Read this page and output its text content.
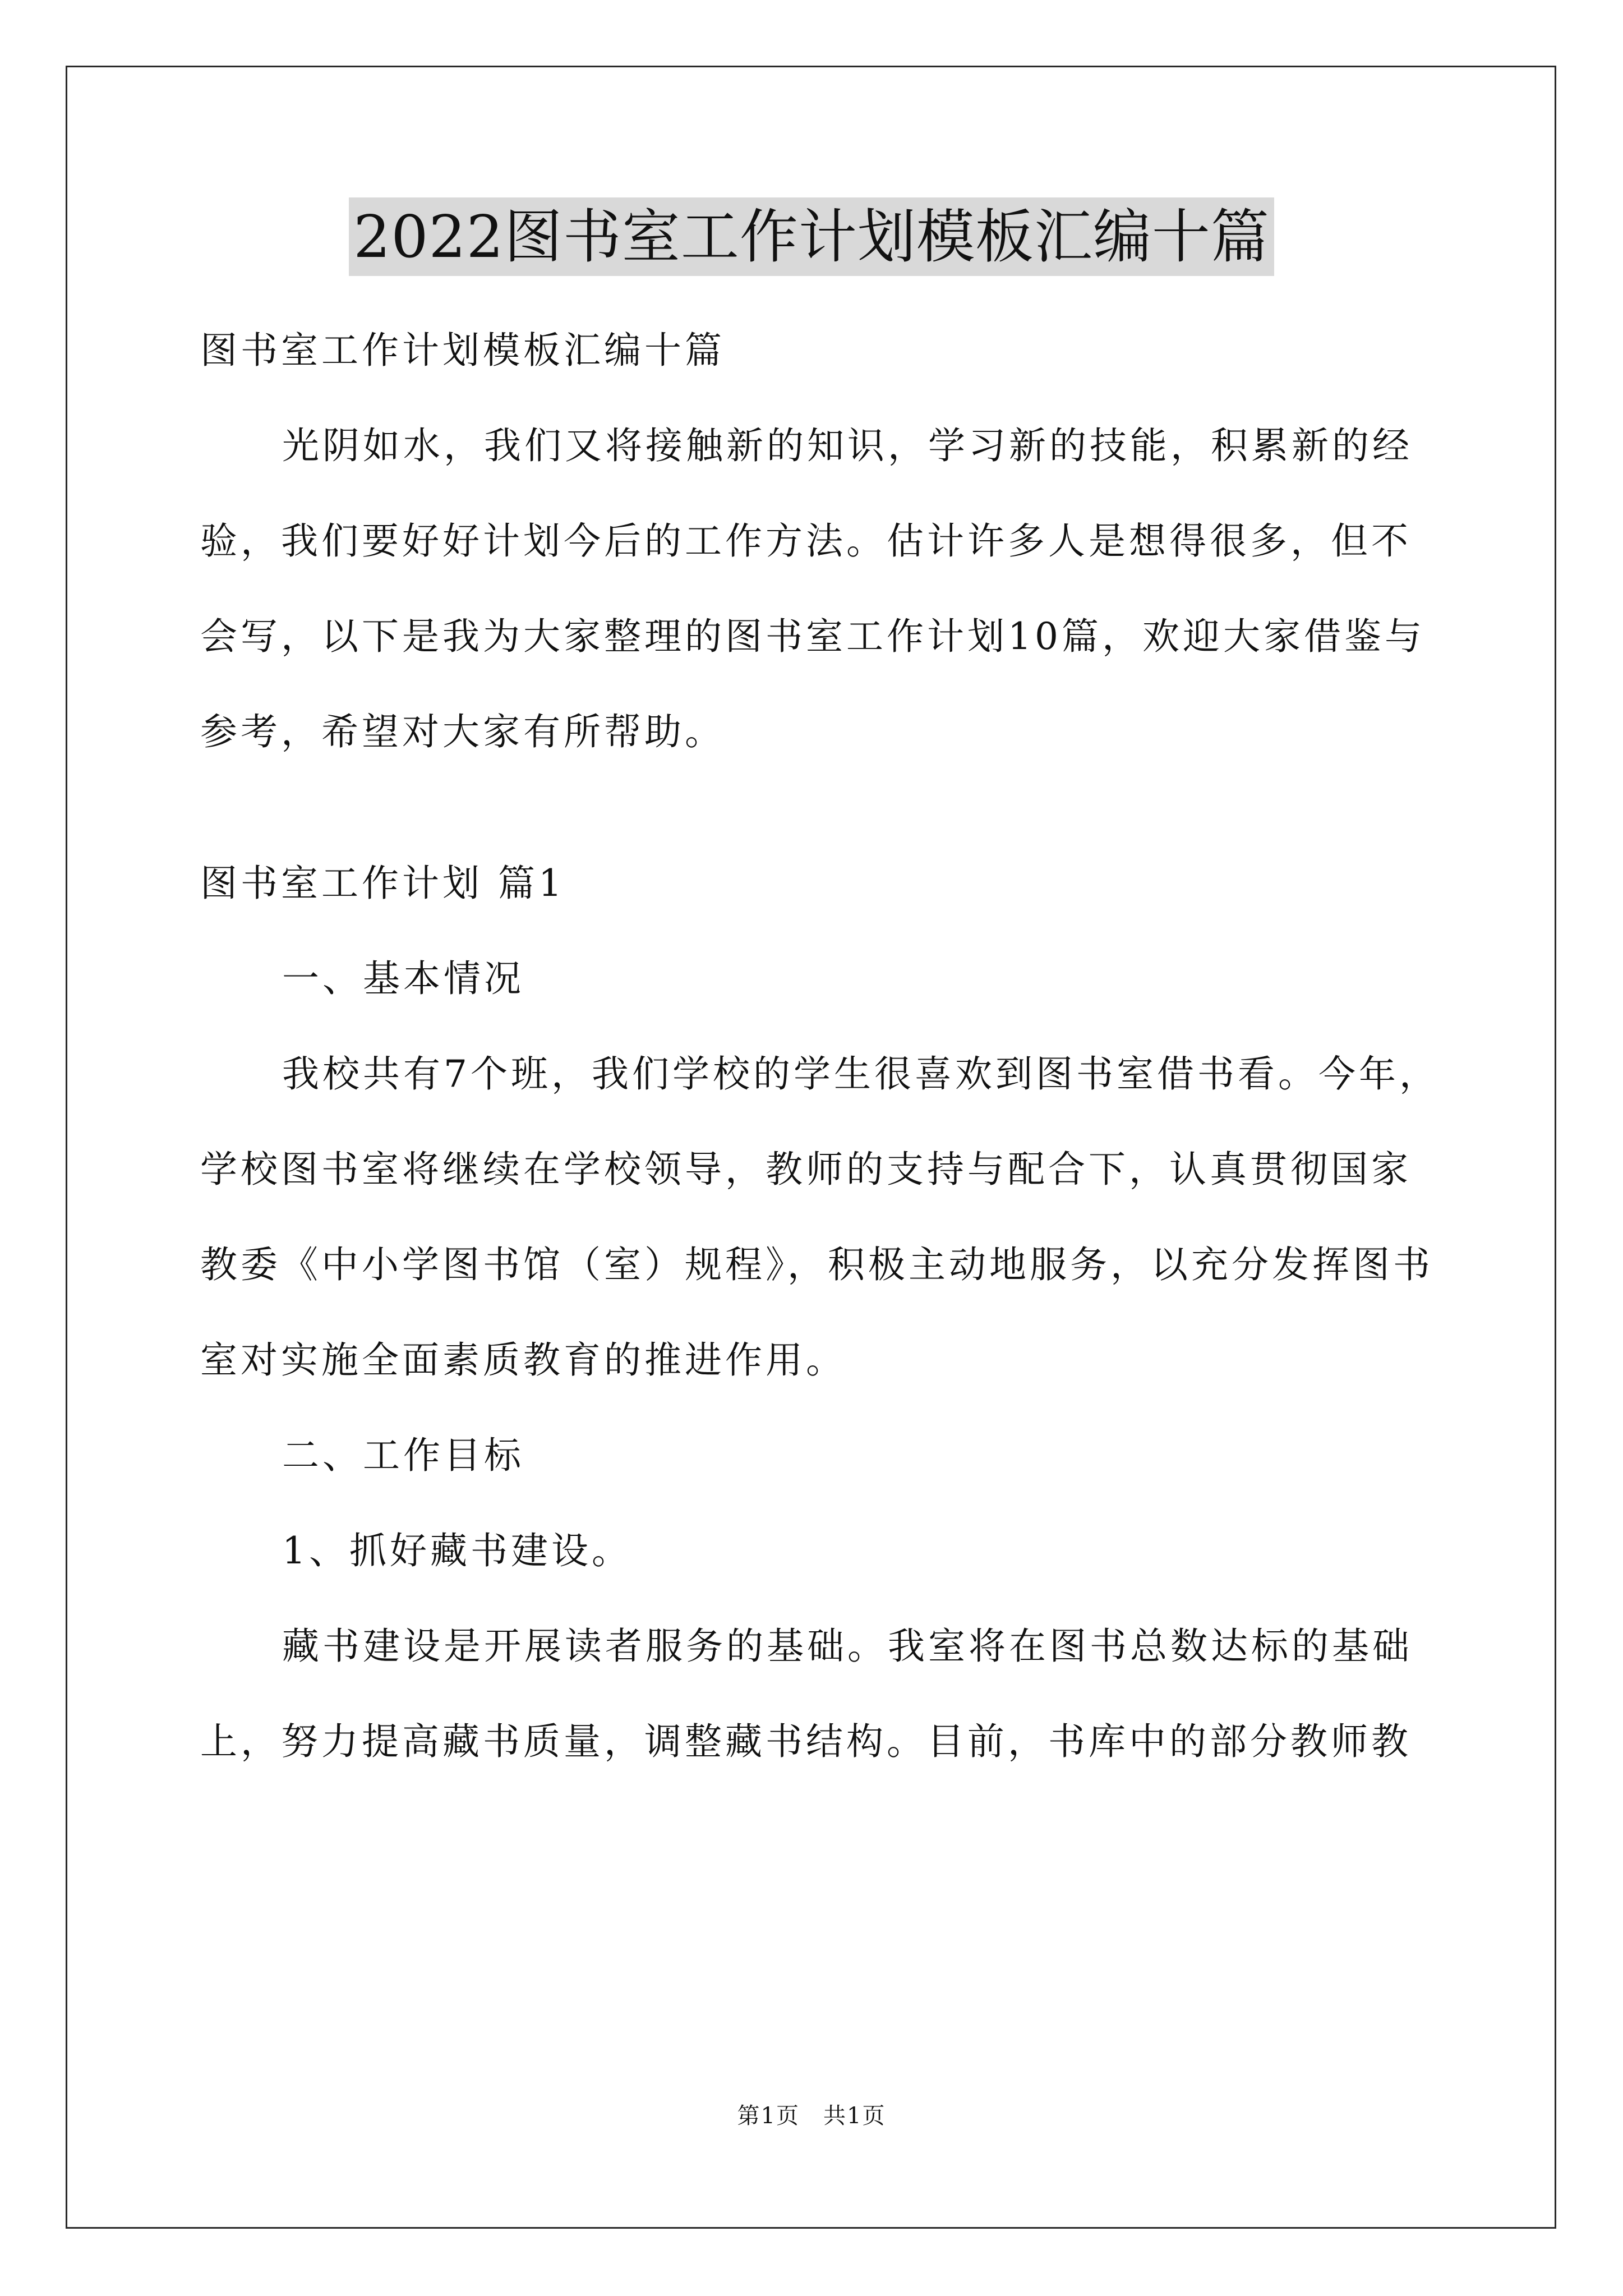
2022图书室工作计划模板汇编十篇
图书室工作计划模板汇编十篇
光阴如水，我们又将接触新的知识，学习新的技能，积累新的经
验，我们要好好计划今后的工作方法。估计许多人是想得很多，但不
会写，以下是我为大家整理的图书室工作计划10篇，欢迎大家借鉴与
参考，希望对大家有所帮助。
图书室工作计划 篇1
一、基本情况
我校共有7个班，我们学校的学生很喜欢到图书室借书看。今年，
学校图书室将继续在学校领导，教师的支持与配合下，认真贯彻国家
教委《中小学图书馆（室）规程》，积极主动地服务，以充分发挥图书
室对实施全面素质教育的推进作用。
二、工作目标
1、抓好藏书建设。
藏书建设是开展读者服务的基础。我室将在图书总数达标的基础
上，努力提高藏书质量，调整藏书结构。目前，书库中的部分教师教
第1页　共1页
